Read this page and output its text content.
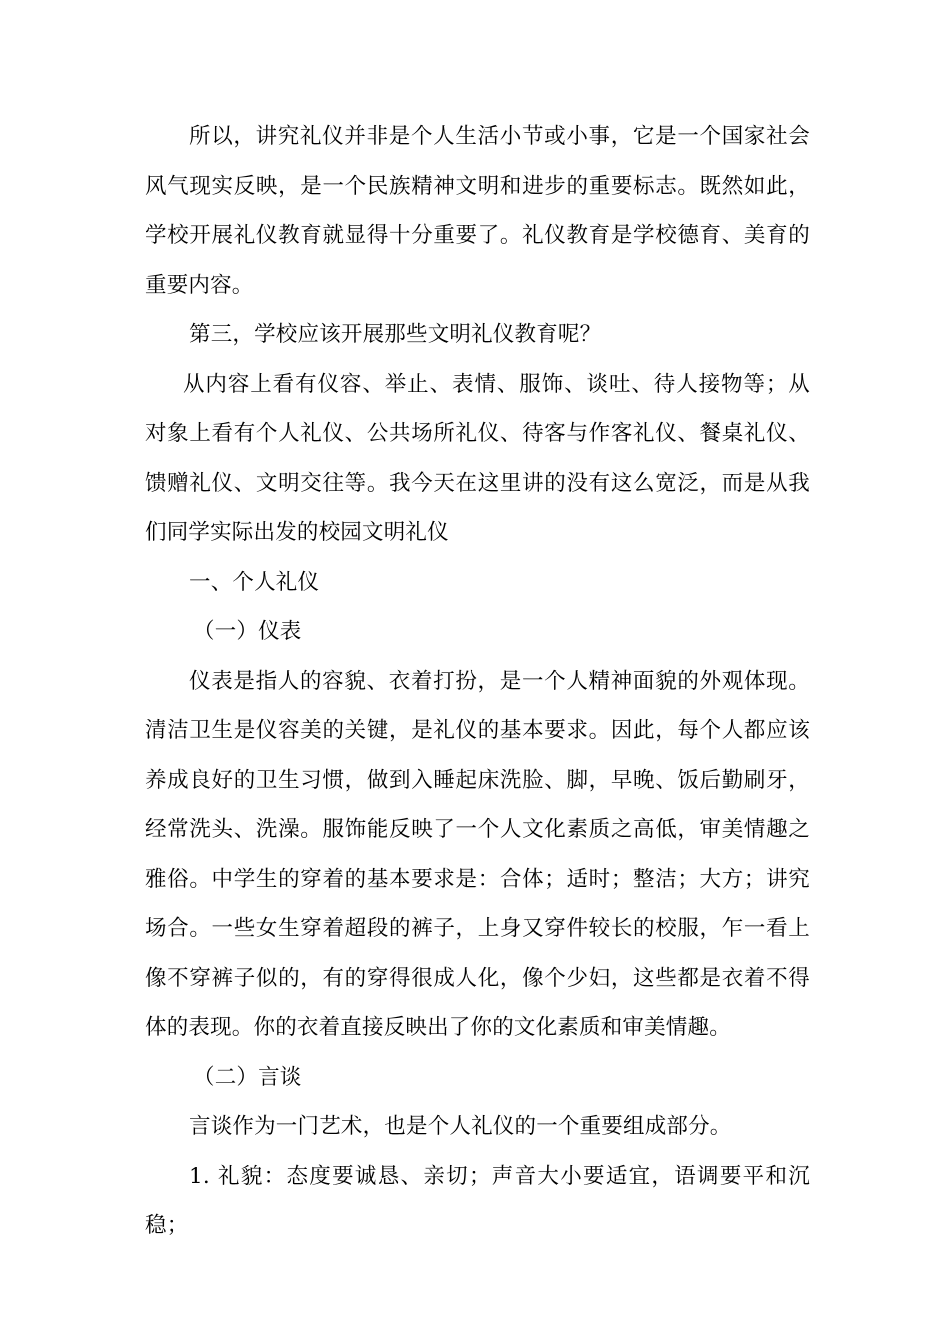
所以，讲究礼仪并非是个人生活小节或小事，它是一个国家社会风气现实反映，是一个民族精神文明和进步的重要标志。既然如此，学校开展礼仪教育就显得十分重要了。礼仪教育是学校德育、美育的重要内容。

第三，学校应该开展那些文明礼仪教育呢？

从内容上看有仪容、举止、表情、服饰、谈吐、待人接物等；从对象上看有个人礼仪、公共场所礼仪、待客与作客礼仪、餐桌礼仪、馈赠礼仪、文明交往等。我今天在这里讲的没有这么宽泛，而是从我们同学实际出发的校园文明礼仪

一、个人礼仪

（一）仪表

仪表是指人的容貌、衣着打扮，是一个人精神面貌的外观体现。清洁卫生是仪容美的关键，是礼仪的基本要求。因此，每个人都应该养成良好的卫生习惯，做到入睡起床洗脸、脚，早晚、饭后勤刷牙，经常洗头、洗澡。服饰能反映了一个人文化素质之高低，审美情趣之雅俗。中学生的穿着的基本要求是：合体；适时；整洁；大方；讲究场合。一些女生穿着超段的裤子，上身又穿件较长的校服，乍一看上像不穿裤子似的，有的穿得很成人化，像个少妇，这些都是衣着不得体的表现。你的衣着直接反映出了你的文化素质和审美情趣。

（二）言谈

言谈作为一门艺术，也是个人礼仪的一个重要组成部分。

1. 礼貌：态度要诚恳、亲切；声音大小要适宜，语调要平和沉稳；
